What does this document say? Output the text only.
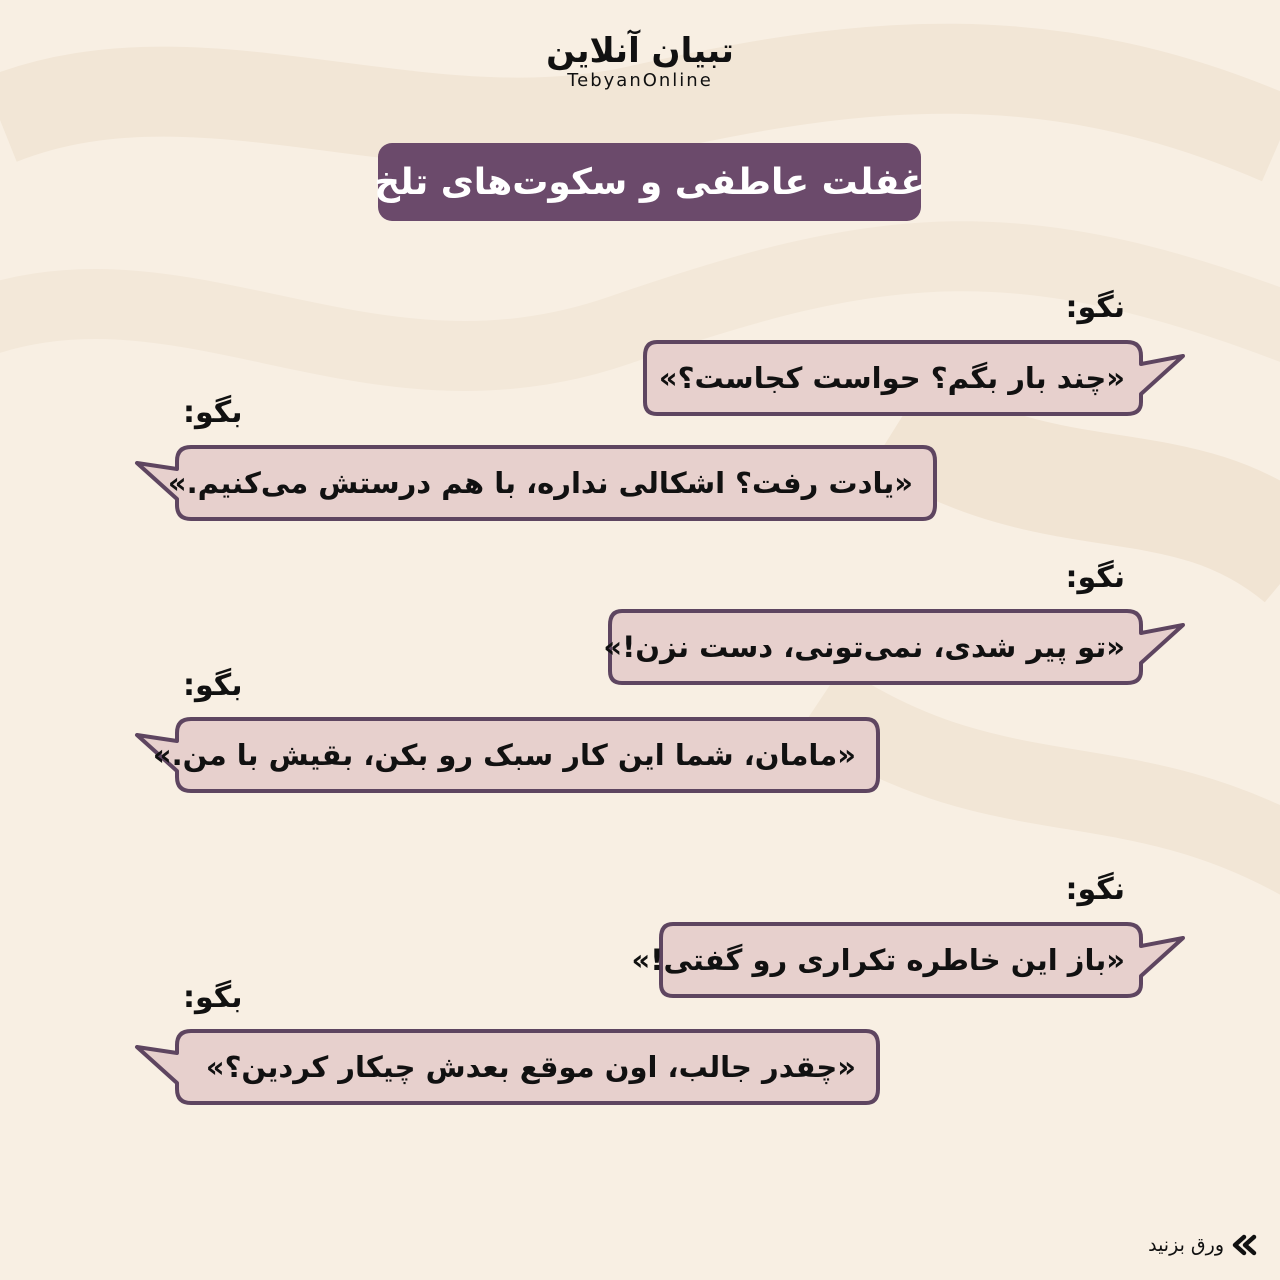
تبیان آنلاین
TebyanOnline
غفلت عاطفی و سکوت‌های تلخ
نگو:
«چند بار بگم؟ حواست کجاست؟»
بگو:
«یادت رفت؟ اشکالی نداره، با هم درستش می‌کنیم.»
نگو:
«تو پیر شدی، نمی‌تونی، دست نزن!»
بگو:
«مامان، شما این کار سبک رو بکن، بقیش با من.»
نگو:
«باز این خاطره تکراری رو گفتی!»
بگو:
«چقدر جالب، اون موقع بعدش چیکار کردین؟»
ورق بزنید
